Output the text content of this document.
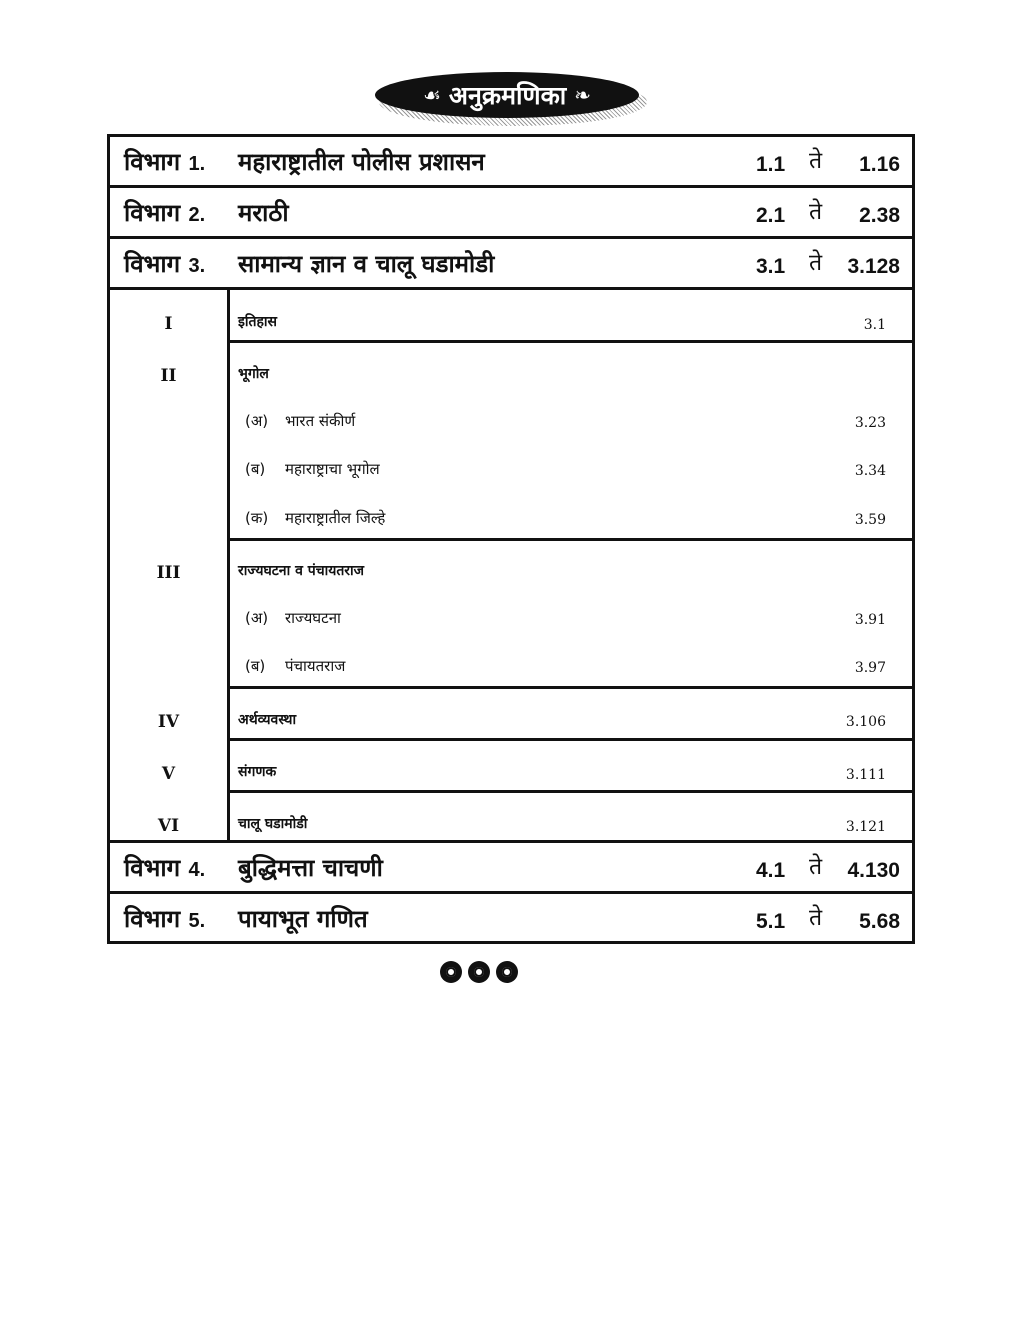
☙ अनुक्रमणिका ❧
विभाग 1. महाराष्ट्रातील पोलीस प्रशासन	1.1 ते 1.16
विभाग 2. मराठी	2.1 ते 2.38
विभाग 3. सामान्य ज्ञान व चालू घडामोडी	3.1 ते 3.128
I	इतिहास	3.1
II	भूगोल
(अ) भारत संकीर्ण	3.23
(ब) महाराष्ट्राचा भूगोल	3.34
(क) महाराष्ट्रातील जिल्हे	3.59
III	राज्यघटना व पंचायतराज
(अ) राज्यघटना	3.91
(ब) पंचायतराज	3.97
IV	अर्थव्यवस्था	3.106
V	संगणक	3.111
VI	चालू घडामोडी	3.121
विभाग 4. बुद्धिमत्ता चाचणी	4.1 ते 4.130
विभाग 5. पायाभूत गणित	5.1 ते 5.68
